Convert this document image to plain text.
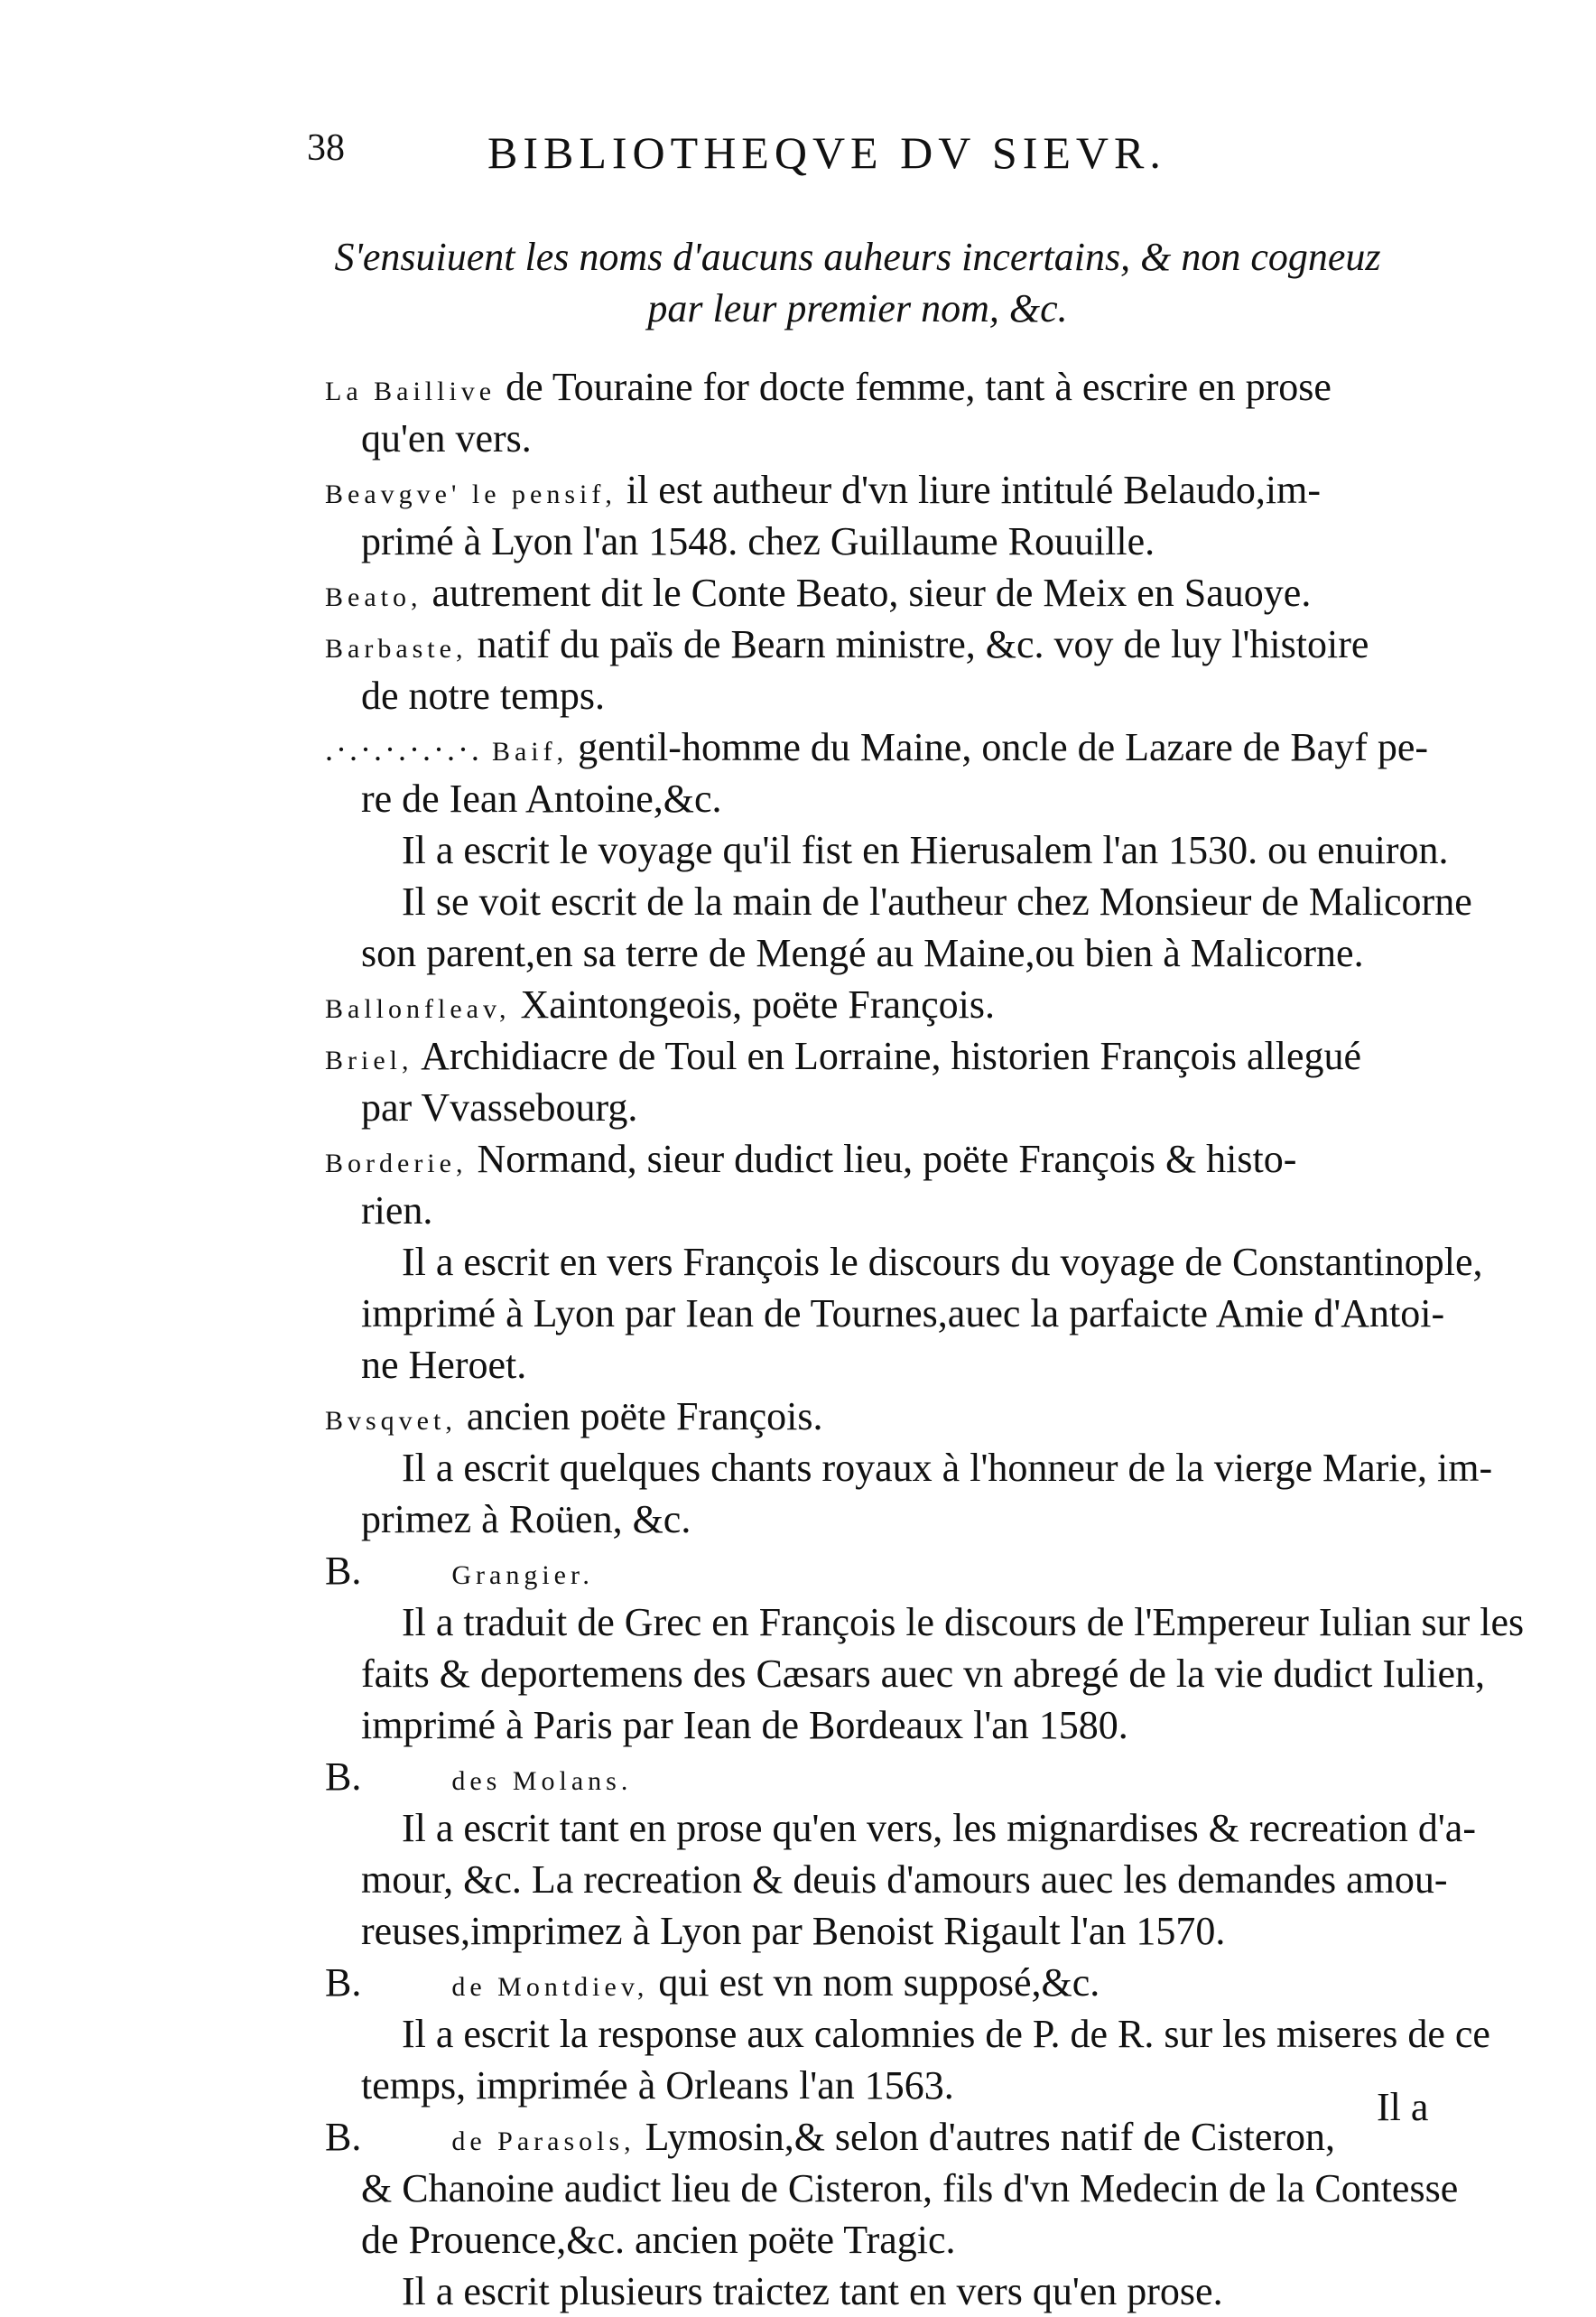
38	BIBLIOTHEQVE DV SIEVR.
S'ensuiuent les noms d'aucuns auheurs incertains, & non cogneuz
par leur premier nom, &c.
La Baillive de Touraine for docte femme, tant à escrire en prose
qu'en vers.
Beavgve' le pensif, il est autheur d'vn liure intitulé Belaudo,im-
primé à Lyon l'an 1548. chez Guillaume Rouuille.
Beato, autrement dit le Conte Beato, sieur de Meix en Sauoye.
Barbaste, natif du païs de Bearn ministre, &c. voy de luy l'histoire
de notre temps.
.·.·.·.·.·.·. Baif, gentil-homme du Maine, oncle de Lazare de Bayf pe-
re de Iean Antoine,&c.
Il a escrit le voyage qu'il fist en Hierusalem l'an 1530. ou enuiron.
Il se voit escrit de la main de l'autheur chez Monsieur de Malicorne
son parent,en sa terre de Mengé au Maine,ou bien à Malicorne.
Ballonfleav, Xaintongeois, poëte François.
Briel, Archidiacre de Toul en Lorraine, historien François allegué
par Vvassebourg.
Borderie, Normand, sieur dudict lieu, poëte François & histo-
rien.
Il a escrit en vers François le discours du voyage de Constantinople,
imprimé à Lyon par Iean de Tournes,auec la parfaicte Amie d'Antoi-
ne Heroet.
Bvsqvet, ancien poëte François.
Il a escrit quelques chants royaux à l'honneur de la vierge Marie, im-
primez à Roüen, &c.
B.	Grangier.
Il a traduit de Grec en François le discours de l'Empereur Iulian sur les
faits & deportemens des Cæsars auec vn abregé de la vie dudict Iulien,
imprimé à Paris par Iean de Bordeaux l'an 1580.
B.	des Molans.
Il a escrit tant en prose qu'en vers, les mignardises & recreation d'a-
mour, &c. La recreation & deuis d'amours auec les demandes amou-
reuses,imprimez à Lyon par Benoist Rigault l'an 1570.
B.	de Montdiev, qui est vn nom supposé,&c.
Il a escrit la response aux calomnies de P. de R. sur les miseres de ce
temps, imprimée à Orleans l'an 1563.
B.	de Parasols, Lymosin,& selon d'autres natif de Cisteron,
& Chanoine audict lieu de Cisteron, fils d'vn Medecin de la Contesse
de Prouence,&c. ancien poëte Tragic.
Il a escrit plusieurs traictez tant en vers qu'en prose.
Il a
